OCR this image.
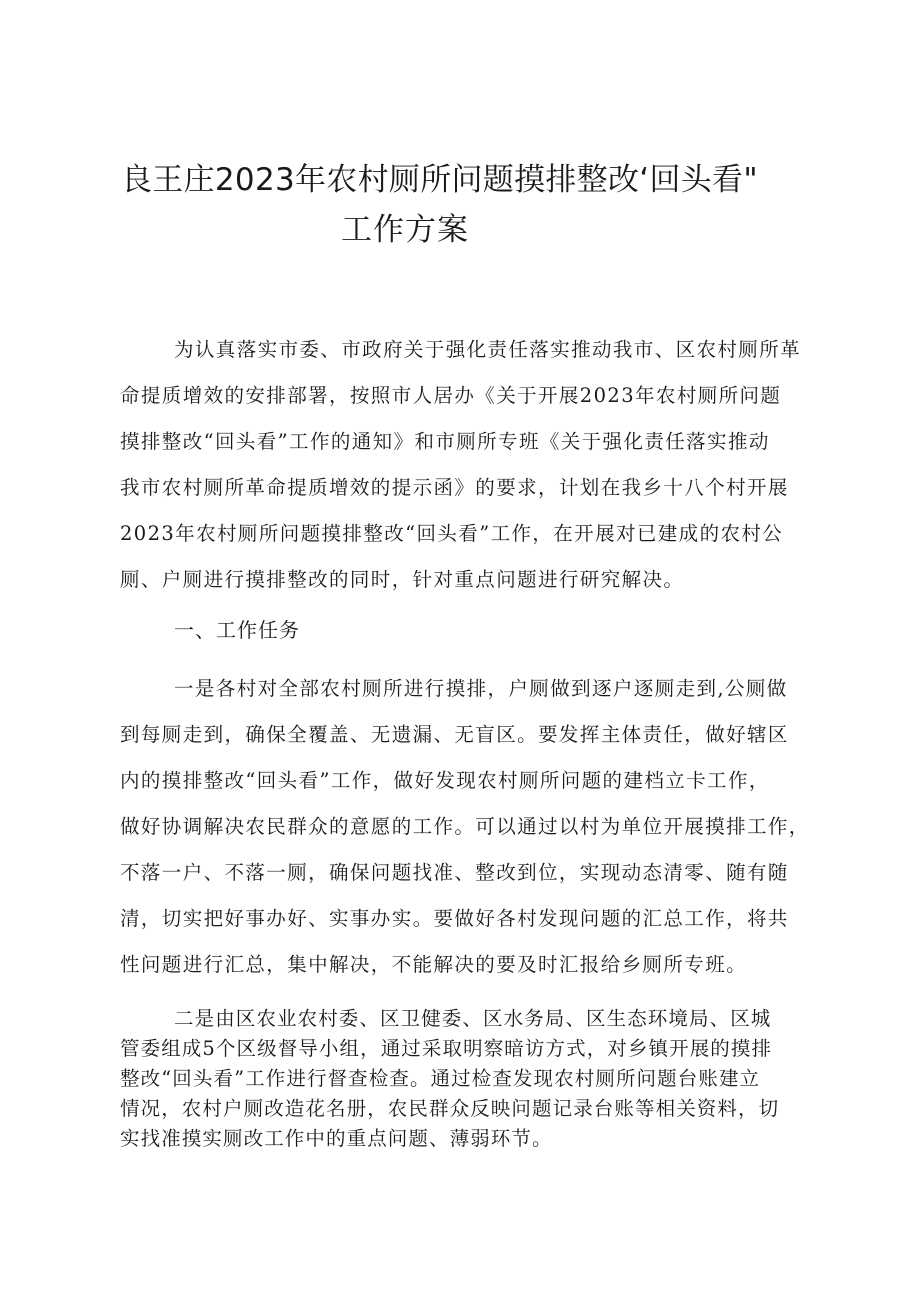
良王庄2023年农村厕所问题摸排整改‘回头看"
工作方案
为认真落实市委、市政府关于强化责任落实推动我市、区农村厕所革
命提质增效的安排部署，按照市人居办《关于开展2023年农村厕所问题
摸排整改“回头看”工作的通知》和市厕所专班《关于强化责任落实推动
我市农村厕所革命提质增效的提示函》的要求，计划在我乡十八个村开展
2023年农村厕所问题摸排整改“回头看”工作，在开展对已建成的农村公
厕、户厕进行摸排整改的同时，针对重点问题进行研究解决。
一、工作任务
一是各村对全部农村厕所进行摸排，户厕做到逐户逐厕走到,公厕做
到每厕走到，确保全覆盖、无遗漏、无盲区。要发挥主体责任，做好辖区
内的摸排整改“回头看”工作，做好发现农村厕所问题的建档立卡工作，
做好协调解决农民群众的意愿的工作。可以通过以村为单位开展摸排工作，
不落一户、不落一厕，确保问题找准、整改到位，实现动态清零、随有随
清，切实把好事办好、实事办实。要做好各村发现问题的汇总工作，将共
性问题进行汇总，集中解决，不能解决的要及时汇报给乡厕所专班。
二是由区农业农村委、区卫健委、区水务局、区生态环境局、区城
管委组成5个区级督导小组，通过采取明察暗访方式，对乡镇开展的摸排
整改“回头看”工作进行督查检查。通过检查发现农村厕所问题台账建立
情况，农村户厕改造花名册，农民群众反映问题记录台账等相关资料，切
实找准摸实厕改工作中的重点问题、薄弱环节。
